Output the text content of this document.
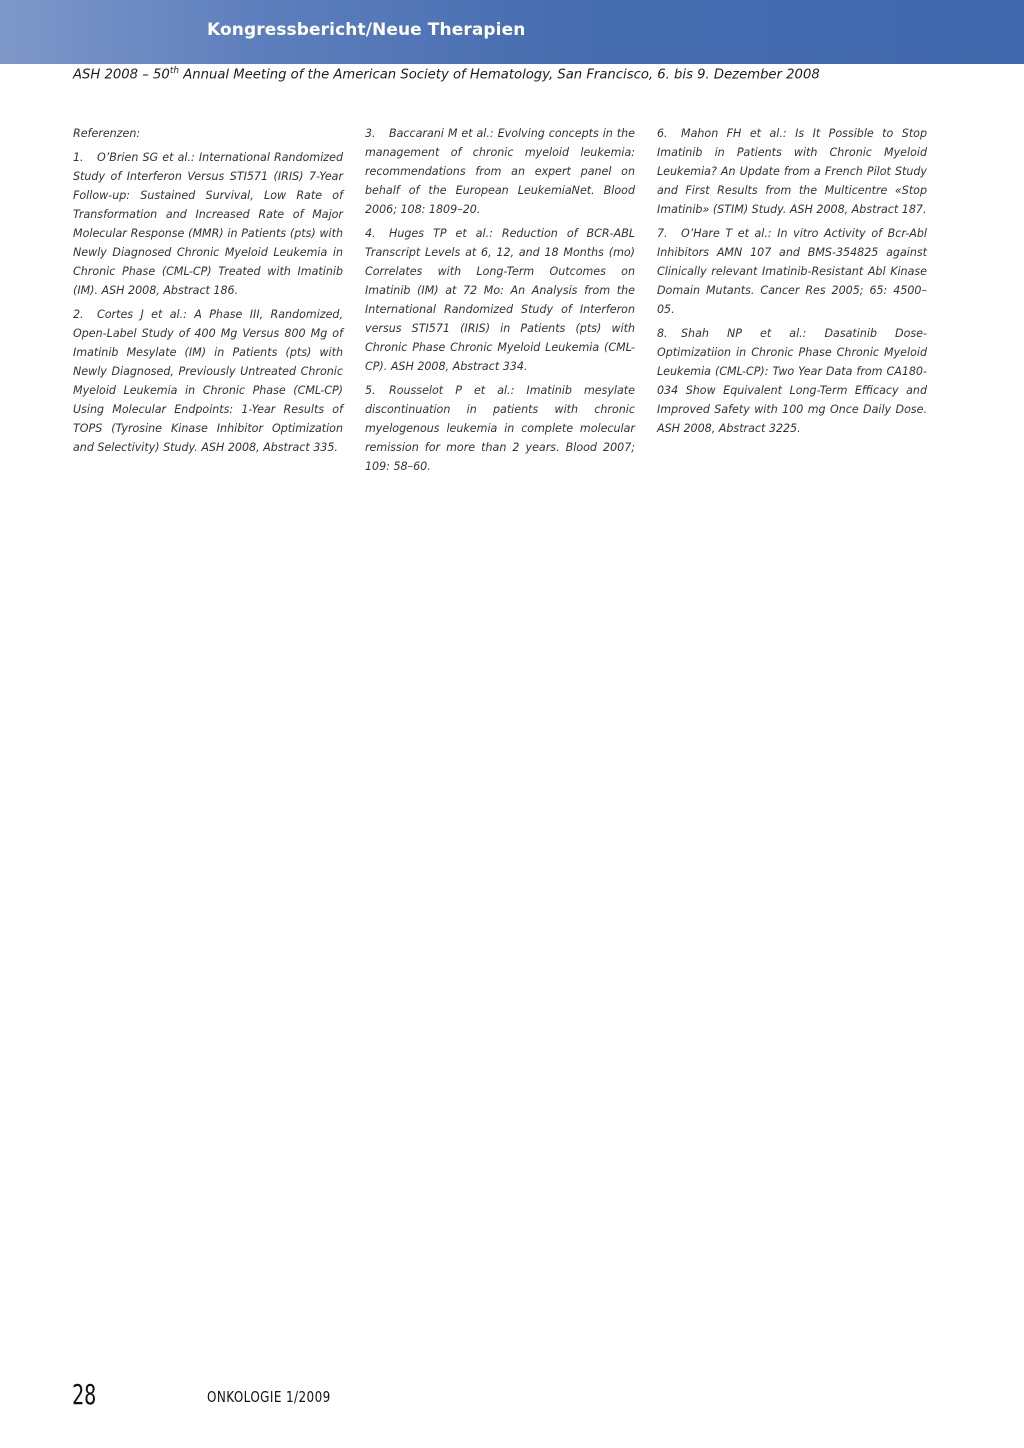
Kongressbericht/Neue Therapien
ASH 2008 – 50th Annual Meeting of the American Society of Hematology, San Francisco, 6. bis 9. Dezember 2008

Referenzen:

1. O’Brien SG et al.: International Randomized Study of Interferon Versus STI571 (IRIS) 7-Year Follow-up: Sustained Survival, Low Rate of Transformation and Increased Rate of Major Molecular Response (MMR) in Patients (pts) with Newly Diagnosed Chronic Myeloid Leukemia in Chronic Phase (CML-CP) Treated with Imatinib (IM). ASH 2008, Abstract 186.

2. Cortes J et al.: A Phase III, Randomized, Open-Label Study of 400 Mg Versus 800 Mg of Imatinib Mesylate (IM) in Patients (pts) with Newly Diagnosed, Previously Untreated Chronic Myeloid Leukemia in Chronic Phase (CML-CP) Using Molecular Endpoints: 1-Year Results of TOPS (Tyrosine Kinase Inhibitor Optimization and Selectivity) Study. ASH 2008, Abstract 335.

3. Baccarani M et al.: Evolving concepts in the management of chronic myeloid leukemia: recommendations from an expert panel on behalf of the European LeukemiaNet. Blood 2006; 108: 1809–20.

4. Huges TP et al.: Reduction of BCR-ABL Transcript Levels at 6, 12, and 18 Months (mo) Correlates with Long-Term Outcomes on Imatinib (IM) at 72 Mo: An Analysis from the International Randomized Study of Interferon versus STI571 (IRIS) in Patients (pts) with Chronic Phase Chronic Myeloid Leukemia (CML-CP). ASH 2008, Abstract 334.

5. Rousselot P et al.: Imatinib mesylate discontinuation in patients with chronic myelogenous leukemia in complete molecular remission for more than 2 years. Blood 2007; 109: 58–60.

6. Mahon FH et al.: Is It Possible to Stop Imatinib in Patients with Chronic Myeloid Leukemia? An Update from a French Pilot Study and First Results from the Multicentre «Stop Imatinib» (STIM) Study. ASH 2008, Abstract 187.

7. O’Hare T et al.: In vitro Activity of Bcr-Abl Inhibitors AMN 107 and BMS-354825 against Clinically relevant Imatinib-Resistant Abl Kinase Domain Mutants. Cancer Res 2005; 65: 4500–05.

8. Shah NP et al.: Dasatinib Dose-Optimizatiion in Chronic Phase Chronic Myeloid Leukemia (CML-CP): Two Year Data from CA180-034 Show Equivalent Long-Term Efficacy and Improved Safety with 100 mg Once Daily Dose. ASH 2008, Abstract 3225.

28	ONKOLOGIE 1/2009
